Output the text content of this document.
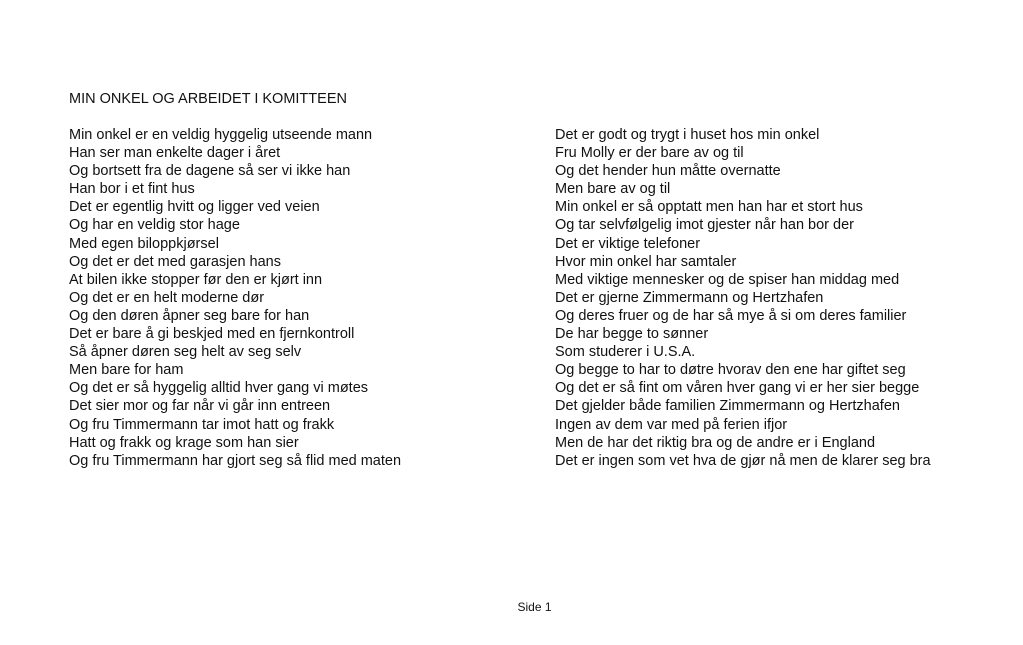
MIN ONKEL OG ARBEIDET I KOMITTEEN
Min onkel er en veldig hyggelig utseende mann
Han ser man enkelte dager i året
Og bortsett fra de dagene så ser vi ikke han
Han bor i et fint hus
Det er egentlig hvitt og ligger ved veien
Og har en veldig stor hage
Med egen biloppkjørsel
Og det er det med garasjen hans
At bilen ikke stopper før den er kjørt inn
Og det er en helt moderne dør
Og den døren åpner seg bare for han
Det er bare å gi beskjed med en fjernkontroll
Så åpner døren seg helt av seg selv
Men bare for ham
Og det er så hyggelig alltid hver gang vi møtes
Det sier mor og far når vi går inn entreen
Og fru Timmermann tar imot hatt og frakk
Hatt og frakk og krage som han sier
Og fru Timmermann har gjort seg så flid med maten
Det er godt og trygt i huset hos min onkel
Fru Molly er der bare av og til
Og det hender hun måtte overnatte
Men bare av og til
Min onkel er så opptatt men han har et stort hus
Og tar selvfølgelig imot gjester når han bor der
Det er viktige telefoner
Hvor min onkel har samtaler
Med viktige mennesker og de spiser han middag med
Det er gjerne Zimmermann og Hertzhafen
Og deres fruer og de har så mye å si om deres familier
De har begge to sønner
Som studerer i U.S.A.
Og begge to har to døtre hvorav den ene har giftet seg
Og det er så fint om våren hver gang vi er her sier begge
Det gjelder både familien Zimmermann og Hertzhafen
Ingen av dem var med på ferien ifjor
Men de har det riktig bra og de andre er i England
Det er ingen som vet hva de gjør nå men de klarer seg bra
Side 1
